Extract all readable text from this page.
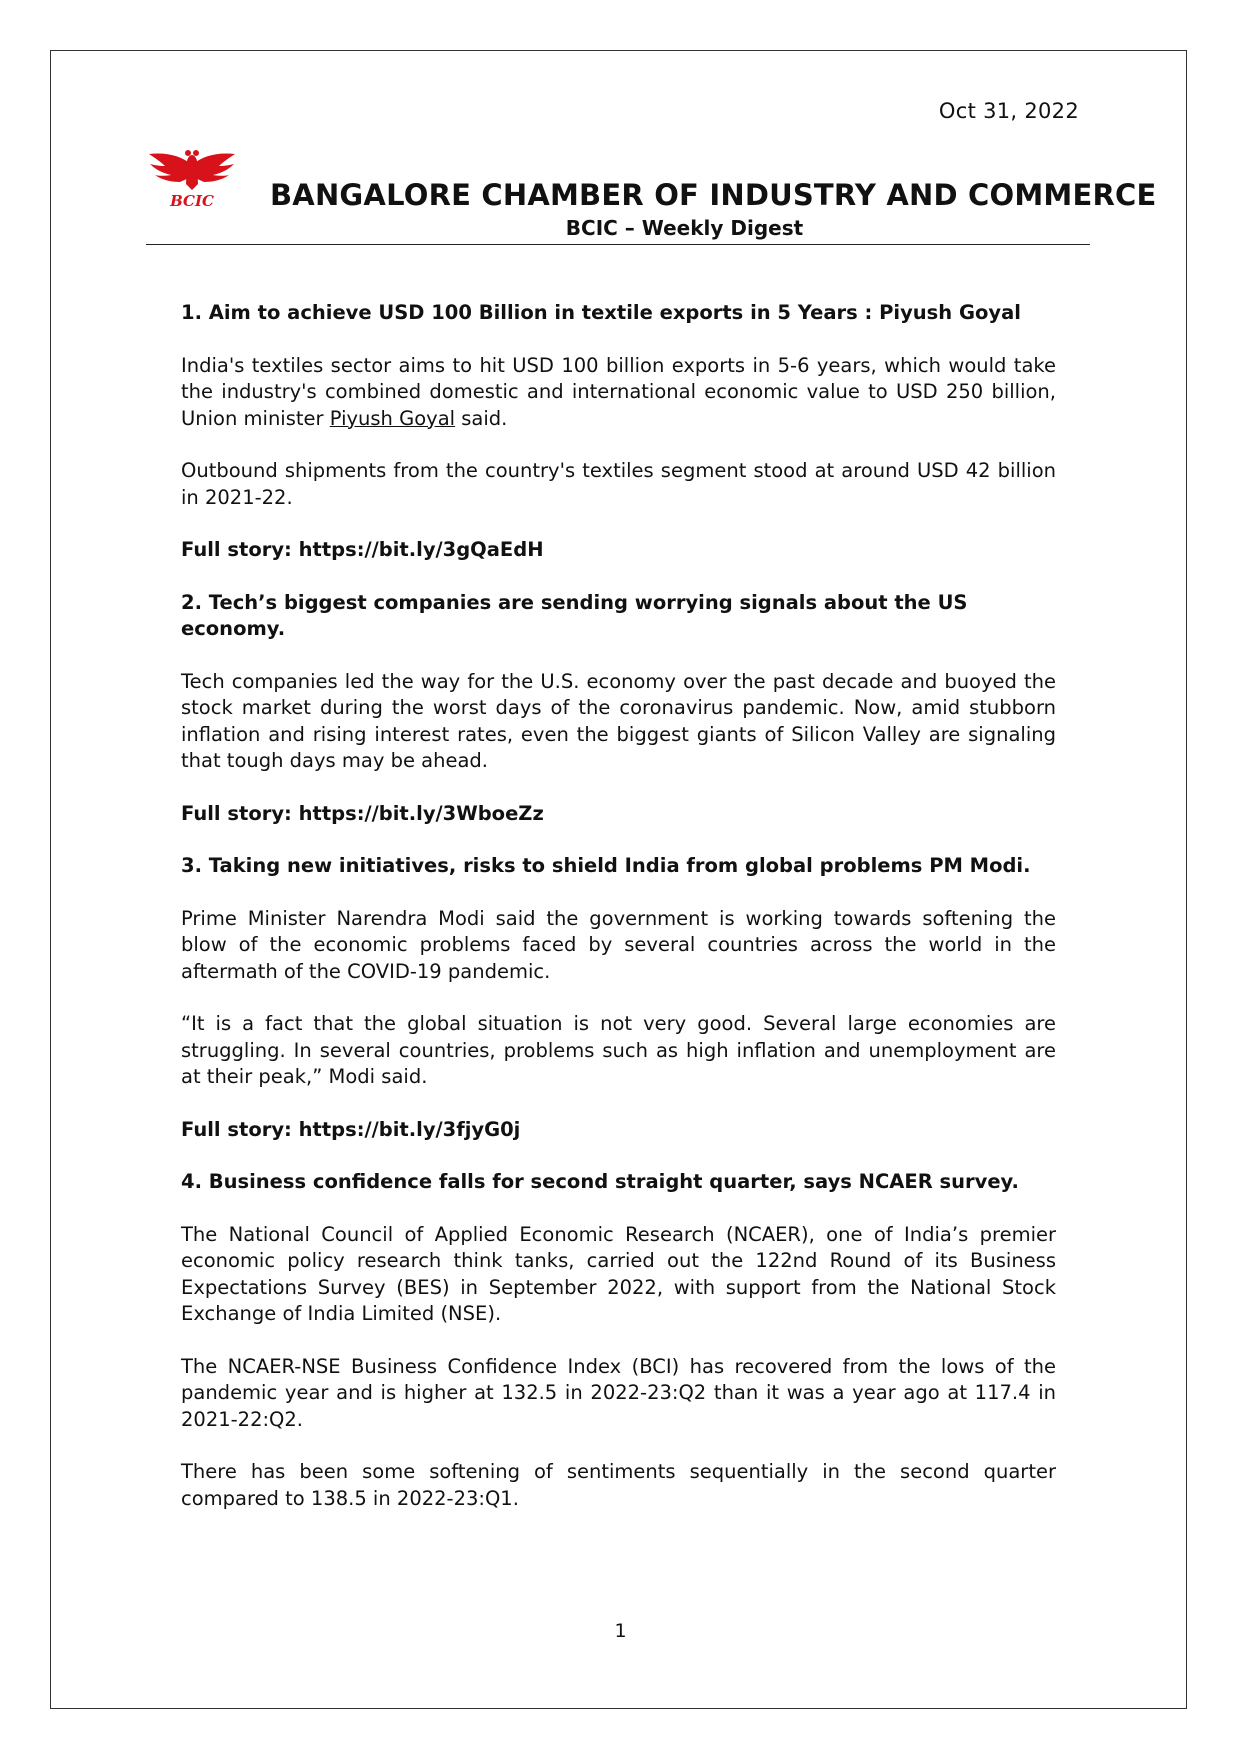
Oct 31, 2022
BCIC BANGALORE CHAMBER OF INDUSTRY AND COMMERCE
BCIC – Weekly Digest

1. Aim to achieve USD 100 Billion in textile exports in 5 Years : Piyush Goyal

India's textiles sector aims to hit USD 100 billion exports in 5-6 years, which would take the industry's combined domestic and international economic value to USD 250 billion, Union minister Piyush Goyal said.

Outbound shipments from the country's textiles segment stood at around USD 42 billion in 2021-22.

Full story: https://bit.ly/3gQaEdH

2. Tech’s biggest companies are sending worrying signals about the US economy.

Tech companies led the way for the U.S. economy over the past decade and buoyed the stock market during the worst days of the coronavirus pandemic. Now, amid stubborn inflation and rising interest rates, even the biggest giants of Silicon Valley are signaling that tough days may be ahead.

Full story: https://bit.ly/3WboeZz

3. Taking new initiatives, risks to shield India from global problems PM Modi.

Prime Minister Narendra Modi said the government is working towards softening the blow of the economic problems faced by several countries across the world in the aftermath of the COVID-19 pandemic.

“It is a fact that the global situation is not very good. Several large economies are struggling. In several countries, problems such as high inflation and unemployment are at their peak,” Modi said.

Full story: https://bit.ly/3fjyG0j

4. Business confidence falls for second straight quarter, says NCAER survey.

The National Council of Applied Economic Research (NCAER), one of India’s premier economic policy research think tanks, carried out the 122nd Round of its Business Expectations Survey (BES) in September 2022, with support from the National Stock Exchange of India Limited (NSE).

The NCAER-NSE Business Confidence Index (BCI) has recovered from the lows of the pandemic year and is higher at 132.5 in 2022-23:Q2 than it was a year ago at 117.4 in 2021-22:Q2.

There has been some softening of sentiments sequentially in the second quarter compared to 138.5 in 2022-23:Q1.

1
